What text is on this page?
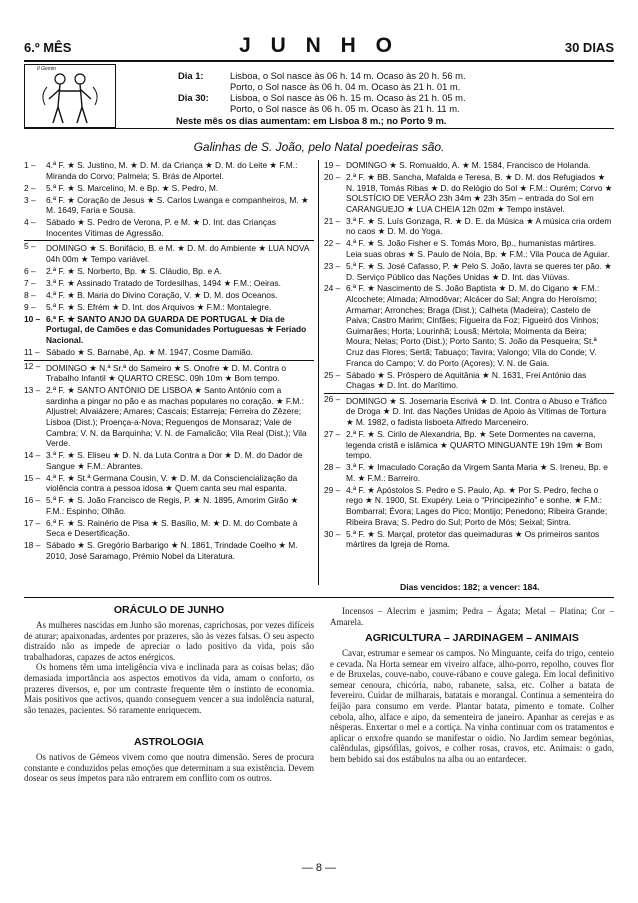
6.º MÊS	J U N H O	30 DIAS
II Gemin
Dia 1:	Lisboa, o Sol nasce às 06 h. 14 m. Ocaso às 20 h. 56 m.
Porto, o Sol nasce às 06 h. 04 m. Ocaso às 21 h. 01 m.
Dia 30:	Lisboa, o Sol nasce às 06 h. 15 m. Ocaso às 21 h. 05 m.
Porto, o Sol nasce às 06 h. 05 m. Ocaso às 21 h. 11 m.
Neste mês os dias aumentam: em Lisboa 8 m.; no Porto 9 m.
Galinhas de S. João, pelo Natal poedeiras são.
1 –	4.ª F. ★ S. Justino, M. ★ D. M. da Criança ★ D. M. do Leite ★ F.M.: Miranda do Corvo; Palmela; S. Brás de Alportel.
2 –	5.ª F. ★ S. Marcelino, M. e Bp. ★ S. Pedro, M.
3 –	6.ª F. ★ Coração de Jesus ★ S. Carlos Lwanga e companheiros, M. ★ M. 1649, Faria e Sousa.
4 –	Sábado ★ S. Pedro de Verona, P. e M. ★ D. Int. das Crianças Inocentes Vítimas de Agressão.
5 –	DOMINGO ★ S. Bonifácio, B. e M. ★ D. M. do Ambiente ★ LUA NOVA 04h 00m ★ Tempo variável.
6 –	2.ª F. ★ S. Norberto, Bp. ★ S. Cláudio, Bp. e A.
7 –	3.ª F. ★ Assinado Tratado de Tordesilhas, 1494 ★ F.M.: Oeiras.
8 –	4.ª F. ★ B. Maria do Divino Coração, V. ★ D. M. dos Oceanos.
9 –	5.ª F. ★ S. Efrém ★ D. Int. dos Arquivos ★ F.M.: Montalegre.
10 – 6.ª F. ★ SANTO ANJO DA GUARDA DE PORTUGAL ★ Dia de Portugal, de Camões e das Comunidades Portuguesas ★ Feriado Nacional.
11 – Sábado ★ S. Barnabé, Ap. ★ M. 1947, Cosme Damião.
12 – DOMINGO ★ N.ª Sr.ª do Sameiro ★ S. Onofre ★ D. M. Contra o Trabalho Infantil ★ QUARTO CRESC. 09h 10m ★ Bom tempo.
13 – 2.ª F. ★ SANTO ANTÓNIO DE LISBOA ★ Santo António com a sardinha a pingar no pão e as machas populares no coração. ★ F.M.: Aljustrel; Alvaiázere; Amares; Cascais; Estarreja; Ferreira do Zêzere; Lisboa (Dist.); Proença-a-Nova; Reguengos de Monsaraz; Vale de Cambra; V. N. da Barquinha; V. N. de Famalicão; Vila Real (Dist.); Vila Verde.
14 – 3.ª F. ★ S. Eliseu ★ D. N. da Luta Contra a Dor ★ D. M. do Dador de Sangue ★ F.M.: Abrantes.
15 – 4.ª F. ★ St.ª Germana Cousin, V. ★ D. M. da Consciencialização da violência contra a pessoa idosa ★ Quem canta seu mal espanta.
16 – 5.ª F. ★ S. João Francisco de Regis, P. ★ N. 1895, Amorim Girão ★ F.M.: Espinho; Olhão.
17 – 6.ª F. ★ S. Rainério de Pisa ★ S. Basílio, M. ★ D. M. do Combate à Seca e Desertificação.
18 – Sábado ★ S. Gregório Barbarigo ★ N. 1861, Trindade Coelho ★ M. 2010, José Saramago, Prémio Nobel da Literatura.
19 – DOMINGO ★ S. Romualdo, A. ★ M. 1584, Francisco de Holanda.
20 – 2.ª F. ★ BB. Sancha, Mafalda e Teresa, B. ★ D. M. dos Refugiados ★ N. 1918, Tomás Ribas ★ D. do Relógio do Sol ★ F.M.: Ourém; Corvo ★ SOLSTÍCIO DE VERÃO 23h 34m ★ 23h 35m – entrada do Sol em CARANGUEJO ★ LUA CHEIA 12h 02m ★ Tempo instável.
21 – 3.ª F. ★ S. Luís Gonzaga, R. ★ D. E. da Música ★ A música cria ordem no caos ★ D. M. do Yoga.
22 – 4.ª F. ★ S. João Fisher e S. Tomás Moro, Bp., humanistas mártires. Leia suas obras ★ S. Paulo de Nola, Bp. ★ F.M.: Vila Pouca de Aguiar.
23 – 5.ª F. ★ S. José Cafasso, P. ★ Pelo S. João, lavra se queres ter pão. ★ D. Serviço Público das Nações Unidas ★ D. Int. das Viúvas.
24 – 6.ª F. ★ Nascimento de S. João Baptista ★ D. M. do Cigano ★ F.M.: Alcochete; Almada; Almodôvar; Alcácer do Sal; Angra do Heroísmo; Armamar; Arronches; Braga (Dist.); Calheta (Madeira); Castelo de Paiva; Castro Marim; Cinfães; Figueira da Foz; Figueiró dos Vinhos; Guimarães; Horta; Lourinhã; Lousã; Mértola; Moimenta da Beira; Moura; Nelas; Porto (Dist.); Porto Santo; S. João da Pesqueira; St.ª Cruz das Flores; Sertã; Tabuaço; Tavira; Valongo; Vila do Conde; V. Franca do Campo; V. do Porto (Açores); V. N. de Gaia.
25 – Sábado ★ S. Próspero de Aquitânia ★ N. 1631, Frei António das Chagas ★ D. Int. do Marítimo.
26 – DOMINGO ★ S. Josemaria Escrivá ★ D. Int. Contra o Abuso e Tráfico de Droga ★ D. Int. das Nações Unidas de Apoio às Vítimas de Tortura ★ M. 1982, o fadista lisboeta Alfredo Marceneiro.
27 – 2.ª F. ★ S. Cirilo de Alexandria, Bp. ★ Sete Dormentes na caverna, legenda cristã e islâmica ★ QUARTO MINGUANTE 19h 19m ★ Bom tempo.
28 – 3.ª F. ★ Imaculado Coração da Virgem Santa Maria ★ S. Ireneu, Bp. e M. ★ F.M.: Barreiro.
29 – 4.ª F. ★ Apóstolos S. Pedro e S. Paulo, Ap. ★ Por S. Pedro, fecha o rego ★ N. 1900, St. Exupéry. Leia o “Principezinho” e sonhe. ★ F.M.: Bombarral; Évora; Lages do Pico; Montijo; Penedono; Ribeira Grande; Ribeira Brava; S. Pedro do Sul; Porto de Mós; Seixal; Sintra.
30 – 5.ª F. ★ S. Marçal, protetor das queimaduras ★ Os primeiros santos mártires da Igreja de Roma.
Dias vencidos: 182; a vencer: 184.
ORÁCULO DE JUNHO

As mulheres nascidas em Junho são morenas, caprichosas, por vezes difíceis de aturar; apaixonadas, ardentes por prazeres, são às vezes falsas. O seu aspecto distraído não as impede de apreciar o lado positivo da vida, pois são trabalhadoras, capazes de actos enérgicos.

Os homens têm uma inteligência viva e inclinada para as coisas belas; dão demasiada importância aos aspectos emotivos da vida, amam o conforto, os prazeres diversos, e, por um contraste frequente têm o instinto de economia. Mais positivos que activos, quando conseguem vencer a sua indolência natural, são tenazes, pacientes. Só raramente enriquecem.

ASTROLOGIA

Os nativos de Gémeos vivem como que noutra dimensão. Seres de procura constante e conduzidos pelas emoções que determinam a sua existência. Devem dosear os seus ímpetos para não entrarem em conflito com os outros.

Incensos – Alecrim e jasmim; Pedra – Ágata; Metal – Platina; Cor – Amarela.

AGRICULTURA – JARDINAGEM – ANIMAIS

Cavar, estrumar e semear os campos. No Minguante, ceifa do trigo, centeio e cevada. Na Horta semear em viveiro alface, alho-porro, repolho, couves flor e de Bruxelas, couve-nabo, couve-rábano e couve galega. Em local definitivo semear cenoura, chicória, nabo, rabanete, salsa, etc. Colher a batata de fevereiro. Cuidar de milharais, batatais e morangal. Continua a sementeira do feijão para consumo em verde. Plantar batata, pimento e tomate. Colher cebola, alho, alface e aipo, da sementeira de janeiro. Apanhar as cerejas e as nêsperas. Enxertar o mel e a cortiça. Na vinha continuar com os tratamentos e aplicar o enxofre quando se manifestar o oídio. No Jardim semear begónias, calêndulas, gipsófilas, goivos, e colher rosas, cravos, etc. Animais: o gado, bem bebido sai dos estábulos na alba ou ao entardecer.

— 8 —
